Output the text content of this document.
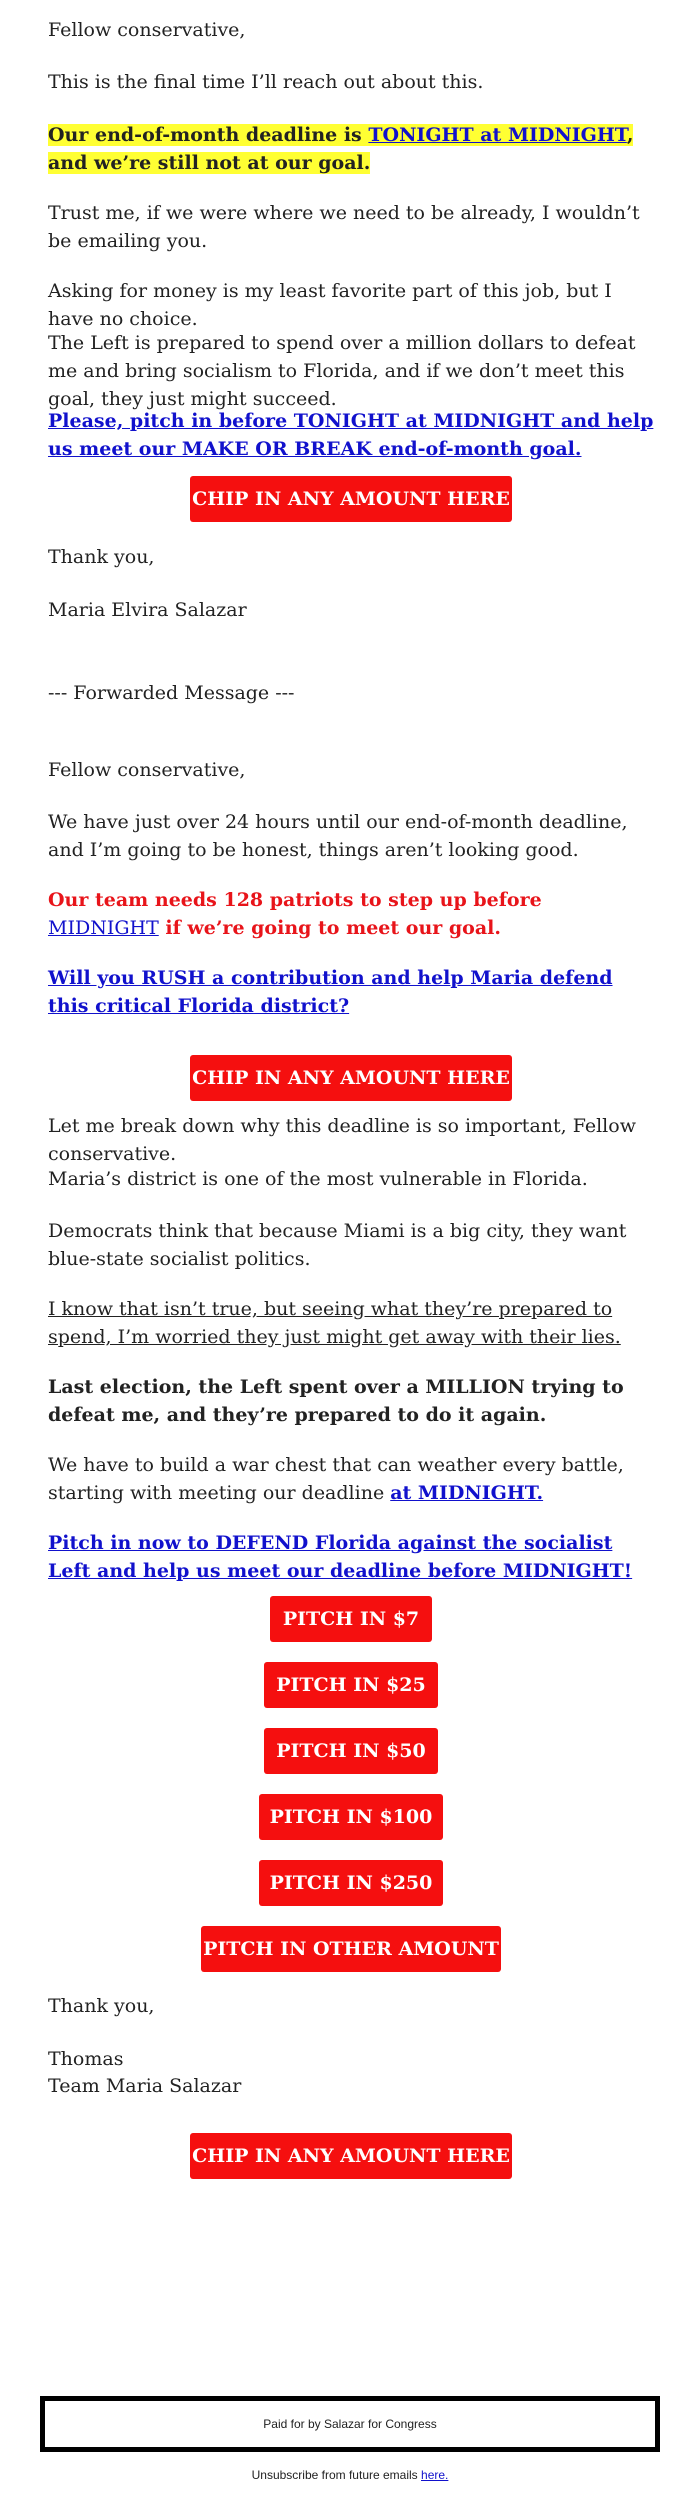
Fellow conservative,

This is the final time I’ll reach out about this.

Our end-of-month deadline is TONIGHT at MIDNIGHT, and we’re still not at our goal.

Trust me, if we were where we need to be already, I wouldn’t be emailing you.

Asking for money is my least favorite part of this job, but I have no choice.

The Left is prepared to spend over a million dollars to defeat me and bring socialism to Florida, and if we don’t meet this goal, they just might succeed.

Please, pitch in before TONIGHT at MIDNIGHT and help us meet our MAKE OR BREAK end-of-month goal.
CHIP IN ANY AMOUNT HERE

Thank you,

Maria Elvira Salazar

--- Forwarded Message ---

Fellow conservative,

We have just over 24 hours until our end-of-month deadline, and I’m going to be honest, things aren’t looking good.

Our team needs 128 patriots to step up before MIDNIGHT if we’re going to meet our goal.

Will you RUSH a contribution and help Maria defend this critical Florida district?
CHIP IN ANY AMOUNT HERE

Let me break down why this deadline is so important, Fellow conservative.

Maria’s district is one of the most vulnerable in Florida.

Democrats think that because Miami is a big city, they want blue-state socialist politics.

I know that isn’t true, but seeing what they’re prepared to spend, I’m worried they just might get away with their lies.

Last election, the Left spent over a MILLION trying to defeat me, and they’re prepared to do it again.

We have to build a war chest that can weather every battle, starting with meeting our deadline at MIDNIGHT.

Pitch in now to DEFEND Florida against the socialist Left and help us meet our deadline before MIDNIGHT!
PITCH IN $7
PITCH IN $25
PITCH IN $50
PITCH IN $100
PITCH IN $250
PITCH IN OTHER AMOUNT

Thank you,

Thomas

Team Maria Salazar

CHIP IN ANY AMOUNT HERE
Paid for by Salazar for Congress
Unsubscribe from future emails here.
